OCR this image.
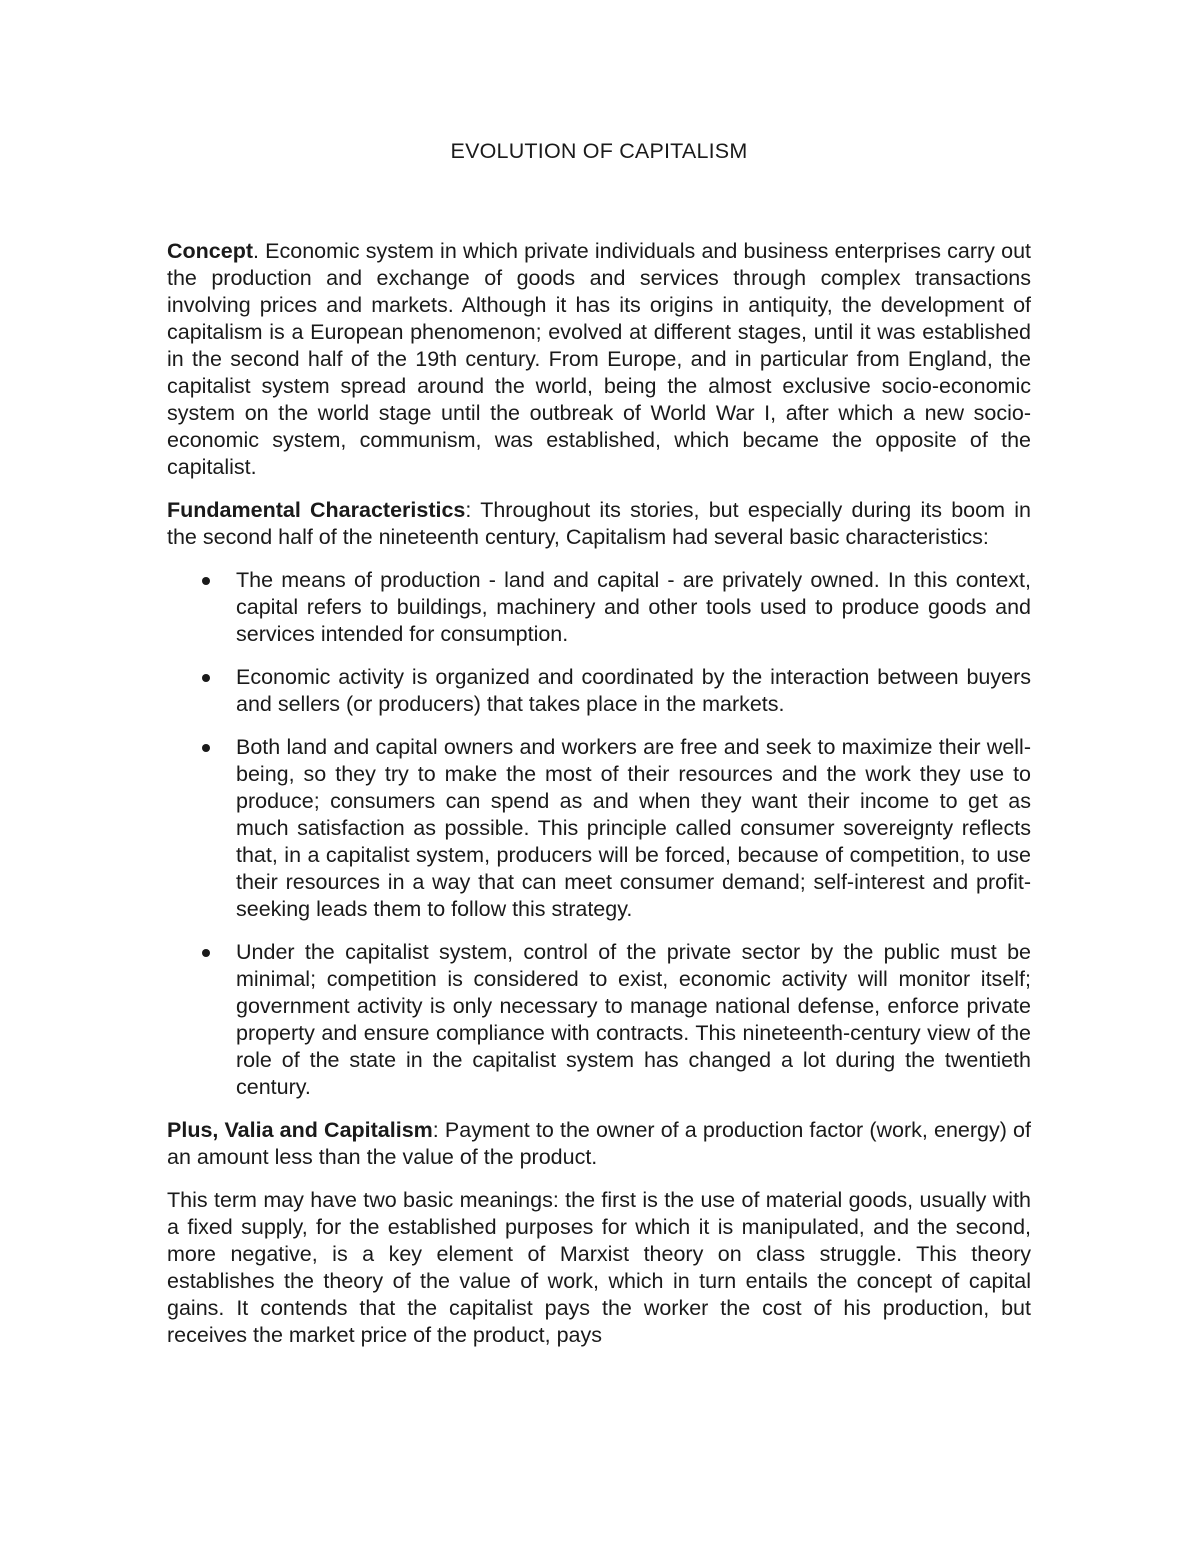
EVOLUTION OF CAPITALISM

Concept. Economic system in which private individuals and business enterprises carry out the production and exchange of goods and services through complex transactions involving prices and markets. Although it has its origins in antiquity, the development of capitalism is a European phenomenon; evolved at different stages, until it was established in the second half of the 19th century. From Europe, and in particular from England, the capitalist system spread around the world, being the almost exclusive socio-economic system on the world stage until the outbreak of World War I, after which a new socio-economic system, communism, was established, which became the opposite of the capitalist.

Fundamental Characteristics: Throughout its stories, but especially during its boom in the second half of the nineteenth century, Capitalism had several basic characteristics:

The means of production - land and capital - are privately owned. In this context, capital refers to buildings, machinery and other tools used to produce goods and services intended for consumption.
Economic activity is organized and coordinated by the interaction between buyers and sellers (or producers) that takes place in the markets.
Both land and capital owners and workers are free and seek to maximize their well-being, so they try to make the most of their resources and the work they use to produce; consumers can spend as and when they want their income to get as much satisfaction as possible. This principle called consumer sovereignty reflects that, in a capitalist system, producers will be forced, because of competition, to use their resources in a way that can meet consumer demand; self-interest and profit-seeking leads them to follow this strategy.
Under the capitalist system, control of the private sector by the public must be minimal; competition is considered to exist, economic activity will monitor itself; government activity is only necessary to manage national defense, enforce private property and ensure compliance with contracts. This nineteenth-century view of the role of the state in the capitalist system has changed a lot during the twentieth century.

Plus, Valia and Capitalism: Payment to the owner of a production factor (work, energy) of an amount less than the value of the product.

This term may have two basic meanings: the first is the use of material goods, usually with a fixed supply, for the established purposes for which it is manipulated, and the second, more negative, is a key element of Marxist theory on class struggle. This theory establishes the theory of the value of work, which in turn entails the concept of capital gains. It contends that the capitalist pays the worker the cost of his production, but receives the market price of the product, pays
